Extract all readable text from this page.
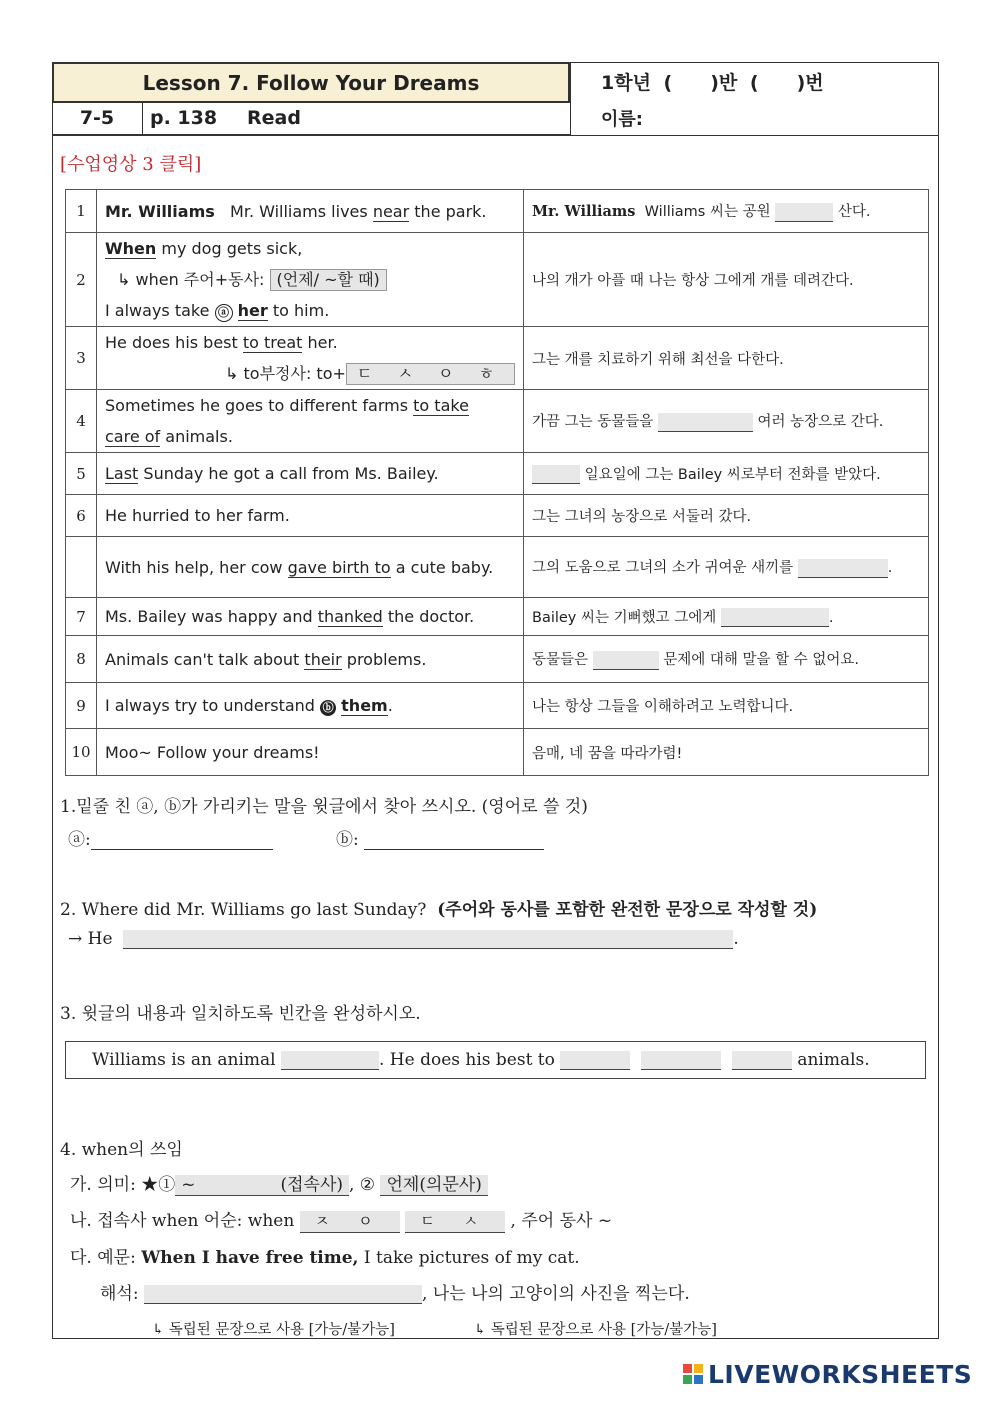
Lesson 7. Follow Your Dreams
7-5	p. 138 Read
1학년 (　　)반 (　　)번
이름:
[수업영상 3 클릭]
1	Mr. Williams Mr. Williams lives near the park.	Mr. Williams Williams 씨는 공원 산다.
2	When my dog gets sick,
↳ when 주어+동사: (언제/ ~할 때)
I always take ⓐ her to him.	나의 개가 아플 때 나는 항상 그에게 개를 데려간다.
3	He does his best to treat her.
↳ to부정사: to+ ㄷ ㅅ ㅇ ㅎ	그는 개를 치료하기 위해 최선을 다한다.
4	Sometimes he goes to different farms to take
care of animals.	가끔 그는 동물들을 여러 농장으로 간다.
5	Last Sunday he got a call from Ms. Bailey.	일요일에 그는 Bailey 씨로부터 전화를 받았다.
6	He hurried to her farm.	그는 그녀의 농장으로 서둘러 갔다.
	With his help, her cow gave birth to a cute baby.	그의 도움으로 그녀의 소가 귀여운 새끼를 .
7	Ms. Bailey was happy and thanked the doctor.	Bailey 씨는 기뻐했고 그에게 .
8	Animals can't talk about their problems.	동물들은 문제에 대해 말을 할 수 없어요.
9	I always try to understand ⓑ them.	나는 항상 그들을 이해하려고 노력합니다.
10	Moo~ Follow your dreams!	음매, 네 꿈을 따라가렴!
1.밑줄 친 ⓐ, ⓑ가 가리키는 말을 윗글에서 찾아 쓰시오. (영어로 쓸 것)
ⓐ:	ⓑ:
2. Where did Mr. Williams go last Sunday? (주어와 동사를 포함한 완전한 문장으로 작성할 것)
→ He	.
3. 윗글의 내용과 일치하도록 빈칸을 완성하시오.
Williams is an animal	. He does his best to	animals.
4. when의 쓰임
가. 의미: ★① ~　　　　　(접속사) , ② 언제(의문사)
나. 접속사 when 어순: when ㅈ ㅇ ㄷ ㅅ , 주어 동사 ~
다. 예문: When I have free time, I take pictures of my cat.
해석:	, 나는 나의 고양이의 사진을 찍는다.
↳ 독립된 문장으로 사용 [가능/불가능]	↳ 독립된 문장으로 사용 [가능/불가능]
LIVEWORKSHEETS
